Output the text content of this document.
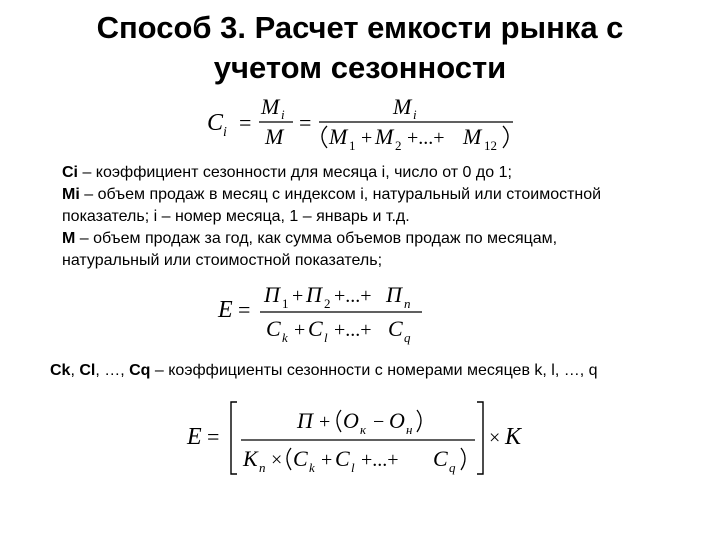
Способ 3. Расчет емкости рынка с
учетом сезонности
C i =
M i
M
=
M i
M 1 + M 2 +...+ M 12
Ci – коэффициент сезонности для месяца i, число от 0 до 1;
Mi – объем продаж в месяц с индексом i, натуральный или стоимостной
показатель; i – номер месяца, 1 – январь и т.д.
М – объем продаж за год, как сумма объемов продаж по месяцам,
натуральный или стоимостной показатель;
E =
П 1 + П 2 +...+ П n
C k + C l +...+ C q
Ck, Cl, …, Cq – коэффициенты сезонности с номерами месяцев k, l, …, q
E =
П + О к − О н
K п × C k + C l +...+ C q
× K
